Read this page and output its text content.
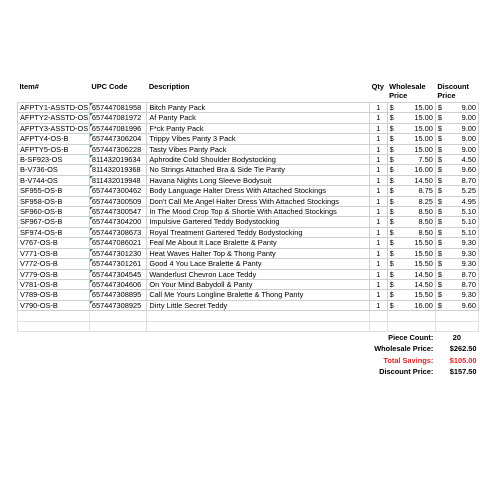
Item#	UPC Code	Description	Qty	Wholesale	Discount
				Price	Price
AFPTY1-ASSTD-OS	657447081958	Bitch Panty Pack	1	$ 15.00	$ 9.00

AFPTY2-ASSTD-OS	657447081972	Af Panty Pack	1	$ 15.00	$ 9.00

AFPTY3-ASSTD-OS	657447081996	F*ck Panty Pack	1	$ 15.00	$ 9.00

AFPTY4-OS-B	657447306204	Trippy Vibes Panty 3 Pack	1	$ 15.00	$ 9.00

AFPTY5-OS-B	657447306228	Tasty Vibes Panty Pack	1	$ 15.00	$ 9.00

B-SF923-OS	811432019634	Aphrodite Cold Shoulder Bodystocking	1	$ 7.50	$ 4.50

B-V736-OS	811432019368	No Strings Attached Bra & Side Tie Panty	1	$ 16.00	$ 9.60

B-V744-OS	811432019948	Havana Nights Long Sleeve Bodysuit	1	$ 14.50	$ 8.70

SF955-OS-B	657447300462	Body Language Halter Dress With Attached Stockings	1	$ 8.75	$ 5.25

SF958-OS-B	657447300509	Don't Call Me Angel Halter Dress With Attached Stockings	1	$ 8.25	$ 4.95

SF960-OS-B	657447300547	In The Mood Crop Top & Shortie With Attached Stockings	1	$ 8.50	$ 5.10

SF967-OS-B	657447304200	Impulsive Gartered Teddy Bodystocking	1	$ 8.50	$ 5.10

SF974-OS-B	657447308673	Royal Treatment Gartered Teddy Bodystocking	1	$ 8.50	$ 5.10

V767-OS-B	657447086021	Feal Me About It Lace Bralette & Panty	1	$ 15.50	$ 9.30

V771-OS-B	657447301230	Heat Waves Halter Top & Thong Panty	1	$ 15.50	$ 9.30

V772-OS-B	657447301261	Good 4 You Lace Bralette & Panty	1	$ 15.50	$ 9.30

V779-OS-B	657447304545	Wanderlust Chevron Lace Teddy	1	$ 14.50	$ 8.70

V781-OS-B	657447304606	On Your Mind Babydoll & Panty	1	$ 14.50	$ 8.70

V789-OS-B	657447308895	Call Me Yours Longline Bralette & Thong Panty	1	$ 15.50	$ 9.30

V790-OS-B	657447308925	Dirty Little Secret Teddy	1	$ 16.00	$ 9.60

		Piece Count:			20
		Wholesale Price:			$262.50
		Total Savings:			$105.00
		Discount Price:			$157.50
